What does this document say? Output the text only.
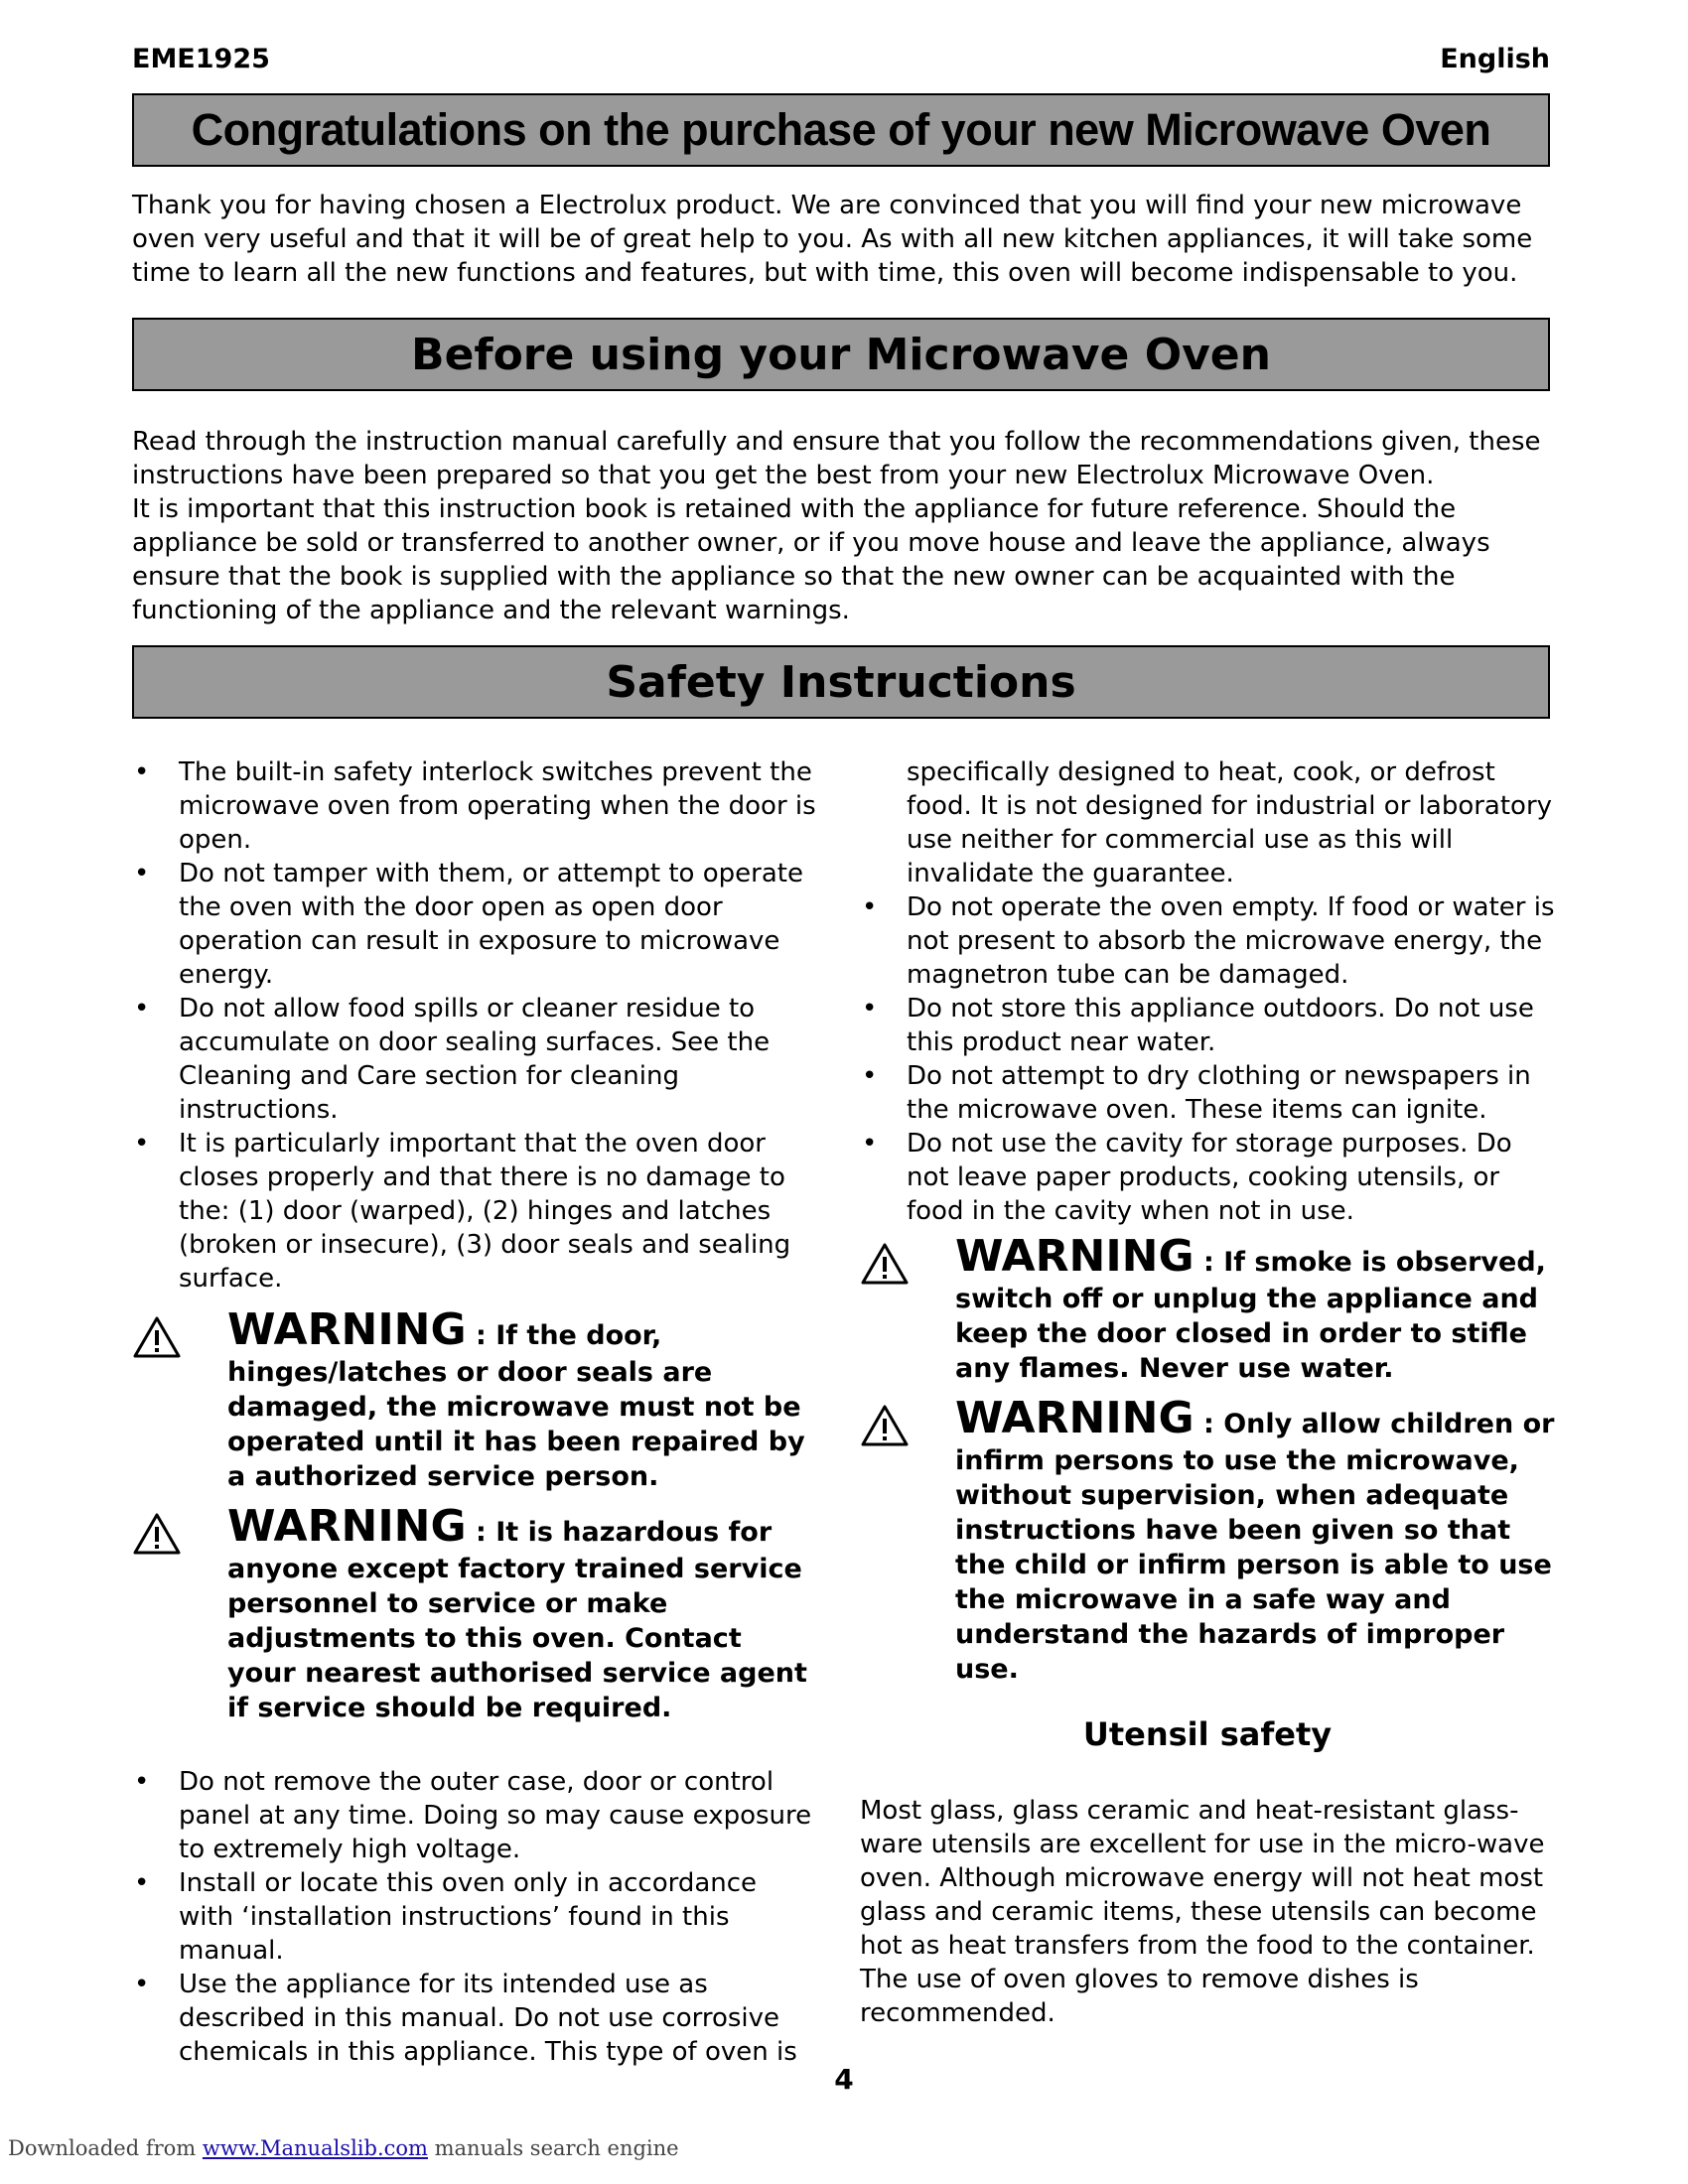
EME1925	English
Congratulations on the purchase of your new Microwave Oven

Thank you for having chosen a Electrolux product. We are convinced that you will find your new microwave oven very useful and that it will be of great help to you. As with all new kitchen appliances, it will take some time to learn all the new functions and features, but with time, this oven will become indispensable to you.

Before using your Microwave Oven

Read through the instruction manual carefully and ensure that you follow the recommendations given, these instructions have been prepared so that you get the best from your new Electrolux Microwave Oven.

It is important that this instruction book is retained with the appliance for future reference. Should the appliance be sold or transferred to another owner, or if you move house and leave the appliance, always ensure that the book is supplied with the appliance so that the new owner can be acquainted with the functioning of the appliance and the relevant warnings.

Safety Instructions
• The built-in safety interlock switches prevent the microwave oven from operating when the door is open.
• Do not tamper with them, or attempt to operate the oven with the door open as open door operation can result in exposure to microwave energy.
• Do not allow food spills or cleaner residue to accumulate on door sealing surfaces. See the Cleaning and Care section for cleaning instructions.
• It is particularly important that the oven door closes properly and that there is no damage to the: (1) door (warped), (2) hinges and latches (broken or insecure), (3) door seals and sealing surface.
WARNING : If the door,
hinges/latches or door seals are damaged, the microwave must not be operated until it has been repaired by a authorized service person.
WARNING : It is hazardous for
anyone except factory trained service personnel to service or make adjustments to this oven. Contact your nearest authorised service agent if service should be required.
• Do not remove the outer case, door or control panel at any time. Doing so may cause exposure to extremely high voltage.
• Install or locate this oven only in accordance with ‘installation instructions’ found in this manual.
• Use the appliance for its intended use as described in this manual. Do not use corrosive chemicals in this appliance. This type of oven is

specifically designed to heat, cook, or defrost food. It is not designed for industrial or laboratory use neither for commercial use as this will invalidate the guarantee.

• Do not operate the oven empty. If food or water is not present to absorb the microwave energy, the magnetron tube can be damaged.
• Do not store this appliance outdoors. Do not use this product near water.
• Do not attempt to dry clothing or newspapers in the microwave oven. These items can ignite.
• Do not use the cavity for storage purposes. Do not leave paper products, cooking utensils, or food in the cavity when not in use.
WARNING : If smoke is observed,
switch off or unplug the appliance and keep the door closed in order to stifle any flames. Never use water.
WARNING : Only allow children or
infirm persons to use the microwave, without supervision, when adequate instructions have been given so that the child or infirm person is able to use the microwave in a safe way and understand the hazards of improper use.

Utensil safety

Most glass, glass ceramic and heat-resistant glass-ware utensils are excellent for use in the micro-wave oven. Although microwave energy will not heat most glass and ceramic items, these utensils can become hot as heat transfers from the food to the container. The use of oven gloves to remove dishes is recommended.

4
Downloaded from www.Manualslib.com manuals search engine
